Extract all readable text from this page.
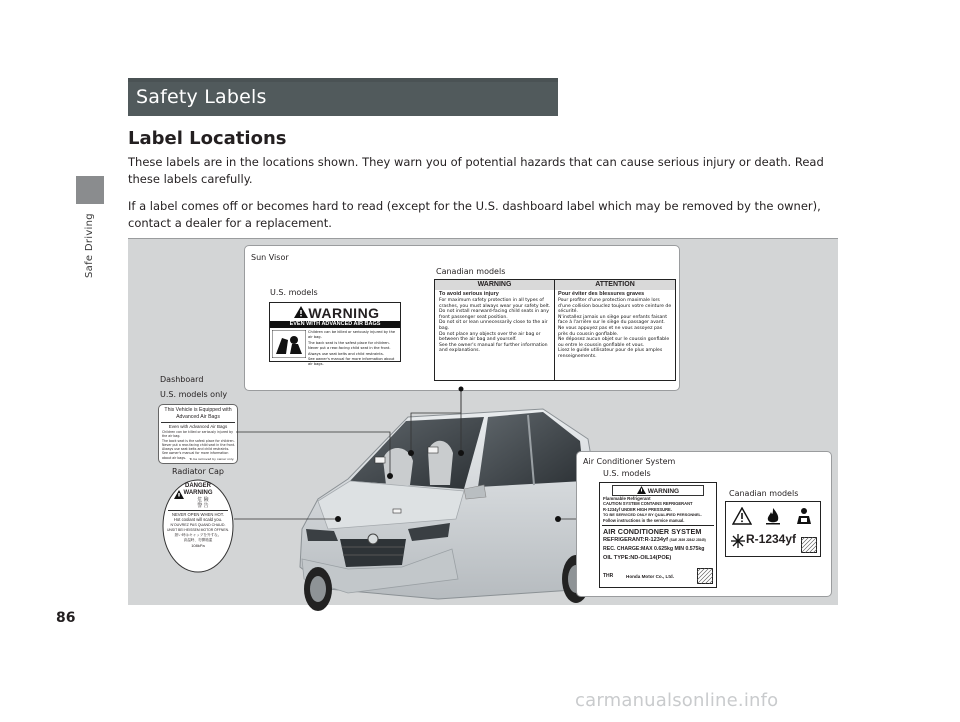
Safe Driving
Safety Labels
Label Locations
These labels are in the locations shown. They warn you of potential hazards that can cause serious injury or death. Read these labels carefully.
If a label comes off or becomes hard to read (except for the U.S. dashboard label which may be removed by the owner), contact a dealer for a replacement.
Sun Visor
Canadian models
U.S. models
WARNING
EVEN WITH ADVANCED AIR BAGS
Children can be killed or seriously injured by the air bag.
The back seat is the safest place for children.
Never put a rear-facing child seat in the front.
Always use seat belts and child restraints.
See owner's manual for more information about air bags.
WARNING	ATTENTION
To avoid serious injury
For maximum safety protection in all types of crashes, you must always wear your safety belt.
Do not install rearward-facing child seats in any front passenger seat position.
Do not sit or lean unnecessarily close to the air bag.
Do not place any objects over the air bag or between the air bag and yourself.
See the owner's manual for further information and explanations.
Pour éviter des blessures graves
Pour profiter d'une protection maximale lors d'une collision bouclez toujours votre ceinture de sécurité.
N'installez jamais un siège pour enfants faisant face à l'arrière sur le siège du passager avant.
Ne vous appuyez pas et ne vous assoyez pas près du coussin gonflable.
Ne déposez aucun objet sur le coussin gonflable ou entre le coussin gonflable et vous.
Lisez le guide utilisateur pour de plus amples renseignements.
Dashboard
U.S. models only
This Vehicle is Equipped with
Advanced Air Bags
Even with Advanced Air Bags
Children can be killed or seriously injured by the air bag.
The back seat is the safest place for children.
Never put a rear-facing child seat in the front.
Always use seat belts and child restraints.
See owner's manual for more information about air bags.	To be removed by owner only.
Radiator Cap
DANGER
WARNING
危 險
警 告
NEVER OPEN WHEN HOT.
Hot coolant will scald you.
N'OUVREZ PAS QUAND CHAUD.
UNSIT BEI HEISSEM MOTOR ÖFFNEN.
熱い時はキャップを外すな。
高温時、勿開箱蓋
108kPa
Air Conditioner System
U.S. models
Canadian models
WARNING
Flammable Refrigerant
CAUTION SYSTEM CONTAINS REFRIGERANT
R-1234yf UNDER HIGH PRESSURE.
TO BE SERVICED ONLY BY QUALIFIED PERSONNEL.
Follow instructions in the service manual.
AIR CONDITIONER SYSTEM
REFRIGERANT:R-1234yf (SAE J639 J2842 J2845)
REC. CHARGE:MAX 0.625kg MIN 0.575kg
OIL TYPE:ND-OIL14(POE)
THR	Honda Motor Co., Ltd.
R-1234yf
86
carmanualsonline.info
